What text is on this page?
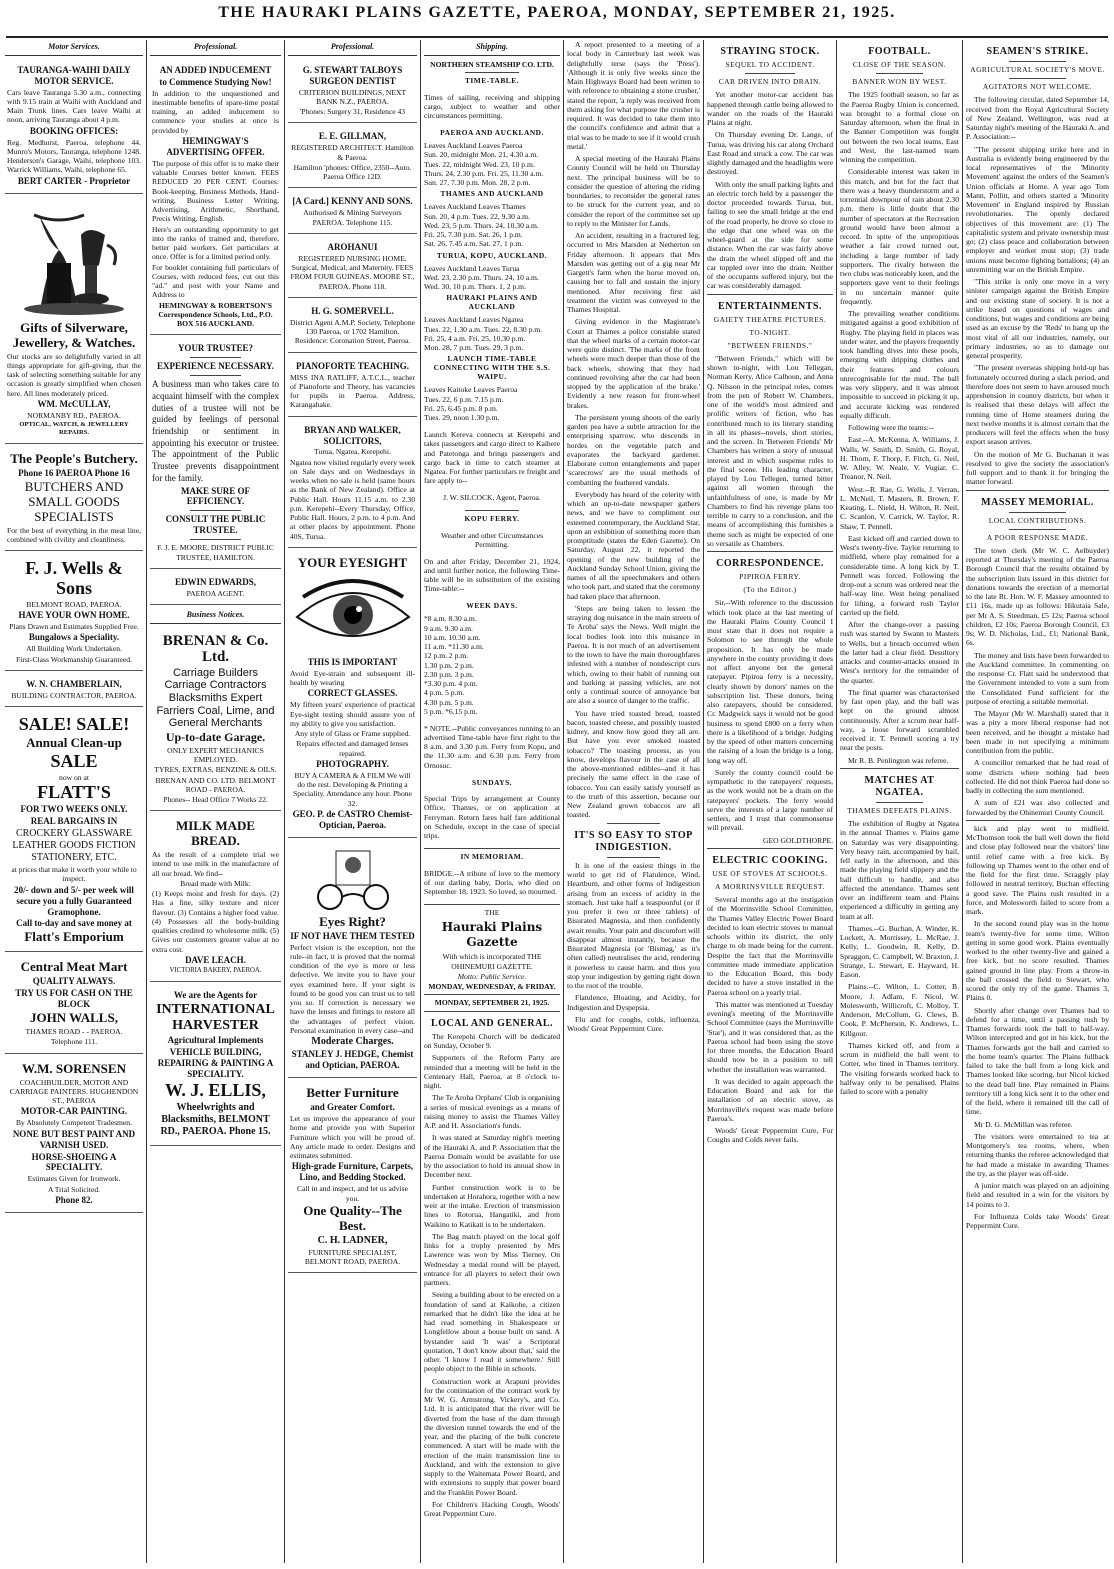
THE HAURAKI PLAINS GAZETTE, PAEROA, MONDAY, SEPTEMBER 21, 1925.
Motor Services.

TAURANGA-WAIHI DAILY MOTOR SERVICE.

Cars leave Tauranga 5.30 a.m., connecting with 9.15 train at Waihi with Auckland and Main Trunk lines. Cars leave Waihi at noon, arriving Tauranga about 4 p.m.

BOOKING OFFICES:

Reg. Medhurst, Paeroa, telephone 44. Munro's Motors, Tauranga, telephone 1248. Henderson's Garage, Waihi, telephone 103. Warrick Williams, Waihi, telephone 65.

BERT CARTER - Proprietor

Gifts of Silverware, Jewellery, & Watches.

Our stocks are so delightfully varied in all things appropriate for gift-giving, that the task of selecting something suitable for any occasion is greatly simplified when chosen here. All lines moderately priced.

WM. McCULLAY,

NORMANBY RD., PAEROA.

OPTICAL, WATCH, & JEWELLERY REPAIRS.

The People's Butchery.

Phone 16 PAEROA Phone 16

BUTCHERS AND SMALL GOODS SPECIALISTS

For the best of everything in the meat line, combined with civility and cleanliness.

F. J. Wells & Sons

BELMONT ROAD, PAEROA.

HAVE YOUR OWN HOME.

Plans Drawn and Estimates Supplied Free.

Bungalows a Speciality.

All Building Work Undertaken.

First-Class Workmanship Guaranteed.

W. N. CHAMBERLAIN,

BUILDING CONTRACTOR, PAEROA.

SALE! SALE!

Annual Clean-up

SALE

now on at

FLATT'S

FOR TWO WEEKS ONLY.

REAL BARGAINS IN

CROCKERY GLASSWARE LEATHER GOODS FICTION STATIONERY, ETC.

at prices that make it worth your while to inspect.

20/- down and 5/- per week will secure you a fully Guaranteed Gramophone.

Call to-day and save money at

Flatt's Emporium

Central Meat Mart

QUALITY ALWAYS.

TRY US FOR CASH ON THE BLOCK

JOHN WALLS,

THAMES ROAD - - PAEROA.

Telephone 111.

W.M. SORENSEN

COACHBUILDER, MOTOR AND CARRIAGE PAINTERS. HUGHENDON ST., PAEROA

MOTOR-CAR PAINTING.

By Absolutely Competent Tradesmen.

NONE BUT BEST PAINT AND VARNISH USED.

HORSE-SHOEING A SPECIALITY.

Estimates Given for Ironwork.

A Trial Solicited.

Phone 82.

Professional.

AN ADDED INDUCEMENT

to Commence Studying Now!

In addition to the unquestioned and inestimable benefits of spare-time postal training, an added inducement to commence your studies at once is provided by

HEMINGWAY'S ADVERTISING OFFER.

The purpose of this offer is to make their valuable Courses better known. FEES REDUCED 20 PER CENT. Courses: Book-keeping, Business Methods, Hand-writing, Business Letter Writing, Advertising, Arithmetic, Shorthand, Precis Writing, English.

Here's an outstanding opportunity to get into the ranks of trained and, therefore, better paid workers. Get particulars at once. Offer is for a limited period only.

For booklet containing full particulars of Courses, with reduced fees, cut out this "ad." and post with your Name and Address to

HEMINGWAY & ROBERTSON'S Correspondence Schools, Ltd., P.O. BOX 516 AUCKLAND.

YOUR TRUSTEE?

EXPERIENCE NECESSARY.

A business man who takes care to acquaint himself with the complex duties of a trustee will not be guided by feelings of personal friendship or sentiment in appointing his executor or trustee. The appointment of the Public Trustee prevents disappointment for the family.

MAKE SURE OF EFFICIENCY.

CONSULT THE PUBLIC TRUSTEE.

F. J. E. MOORE, DISTRICT PUBLIC TRUSTEE, HAMILTON.

EDWIN EDWARDS,

PAEROA AGENT.

Business Notices.

BRENAN & Co. Ltd.

Carriage Builders Carriage Contractors Blacksmiths Expert Farriers Coal, Lime, and General Merchants

Up-to-date Garage.

ONLY EXPERT MECHANICS EMPLOYED.

TYRES, EXTRAS, BENZINE & OILS.

BRENAN AND CO. LTD. BELMONT ROAD - PAEROA.

Phones-- Head Office 7 Works 22.

MILK MADE BREAD.

As the result of a complete trial we intend to use milk in the manufacture of all our bread. We find--

Bread made with Milk:

(1) Keeps moist and fresh for days. (2) Has a fine, silky texture and nicer flavour. (3) Contains a higher food value. (4) Possesses all the body-building qualities credited to wholesome milk. (5) Gives our customers greater value at no extra cost.

DAVE LEACH.

VICTORIA BAKERY, PAEROA.

We are the Agents for

INTERNATIONAL HARVESTER

Agricultural Implements

VEHICLE BUILDING, REPAIRING & PAINTING A SPECIALITY.

W. J. ELLIS,

Wheelwrights and Blacksmiths, BELMONT RD., PAEROA. Phone 15.

Professional.

G. STEWART TALBOYS SURGEON DENTIST

CRITERION BUILDINGS, NEXT BANK N.Z., PAEROA.

'Phones: Surgery 31, Residence 43

E. E. GILLMAN,

REGISTERED ARCHITECT. Hamilton & Paeroa.

Hamilton 'phones: Office, 2350--Auto. Paeroa Office 12D.

[A Card.] KENNY AND SONS.

Authorised & Mining Surveyors PAEROA. Telephone 115.

AROHANUI

REGISTERED NURSING HOME. Surgical, Medical, and Maternity. FEES FROM FOUR GUINEAS. MOORE ST., PAEROA. Phone 118.

H. G. SOMERVELL.

District Agent A.M.P. Society, Telephone 130 Paeroa, or 1702 Hamilton. Residence: Coronation Street, Paeroa.

PIANOFORTE TEACHING.

MISS INA RATLIFF, A.T.C.L., teacher of Pianoforte and Theory, has vacancies for pupils in Paeroa. Address, Karangahake.

BRYAN AND WALKER, SOLICITORS,

Turua, Ngatea, Kerepehi.

Ngatea now visited regularly every week on Sale days and on Wednesdays in weeks when no sale is held (same hours as the Bank of New Zealand). Office at Public Hall. Hours 11.15 a.m. to 2.30 p.m. Kerepehi--Every Thursday, Office, Public Hall. Hours, 2 p.m. to 4 p.m. And at other places by appointment. Phone 40S, Turua.

YOUR EYESIGHT

THIS IS IMPORTANT

Avoid Eye-strain and subsequent ill-health by wearing

CORRECT GLASSES.

My fifteen years' experience of practical Eye-sight testing should assure you of my ability to give you satisfaction.

Any style of Glass or Frame supplied.

Repairs effected and damaged lenses repaired.

PHOTOGRAPHY.

BUY A CAMERA & A FILM We will do the rest. Developing & Printing a Speciality. Attendance any hour. Phone 32.

GEO. P. de CASTRO Chemist-Optician, Paeroa.

Eyes Right?

IF NOT HAVE THEM TESTED

Perfect vision is the exception, not the rule--in fact, it is proved that the normal condition of the eye is more or less defective. We invite you to have your eyes examined here. If your sight is found to be good you can trust us to tell you so. If correction is necessary we have the lenses and fittings to restore all the advantages of perfect vision. Personal examination in every case--and

Moderate Charges.

STANLEY J. HEDGE, Chemist and Optician, PAEROA.

Better Furniture

and Greater Comfort.

Let us improve the appearance of your home and provide you with Superior Furniture which you will be proud of. Any article made to order. Designs and estimates submitted.

High-grade Furniture, Carpets, Lino, and Bedding Stocked.

Call in and inspect, and let us advise you.

One Quality--The Best.

C. H. LADNER,

FURNITURE SPECIALIST, BELMONT ROAD, PAEROA.

Shipping.

NORTHERN STEAMSHIP CO. LTD.

TIME-TABLE.

Times of sailing, receiving and shipping cargo, subject to weather and other circumstances permitting.

PAEROA AND AUCKLAND.

Leaves Auckland Leaves Paeroa
Sun. 20, midnight Mon. 21, 4.30 a.m.
Tues. 22, midnight Wed. 23, 10 p.m.
Thurs. 24, 2.30 p.m. Fri. 25, 11.30 a.m.
Sun. 27, 7.30 p.m. Mon. 28, 2 p.m.

THAMES AND AUCKLAND

Leaves Auckland Leaves Thames
Sun. 20, 4 p.m. Tues. 22, 9.30 a.m.
Wed. 23, 5 p.m. Thurs. 24, 10.30 a.m.
Fri. 25, 7.30 p.m. Sat. 26, 1 p.m.
Sat. 26, 7.45 a.m. Sat. 27, 1 p.m.

TURUA, KOPU, AUCKLAND.

Leaves Auckland Leaves Turua
Wed. 23, 2.30 p.m. Thurs. 24, 10 a.m.
Wed. 30, 10 p.m. Thurs. 1, 2 p.m.

HAURAKI PLAINS AND AUCKLAND

Leaves Auckland Leaves Ngatea
Tues. 22, 1.30 a.m. Tues. 22, 8.30 p.m.
Fri. 25, 4 a.m. Fri. 25, 10.30 p.m.
Mon. 28, 7 p.m. Tues. 29, 3 p.m.

LAUNCH TIME-TABLE CONNECTING WITH THE S.S. WAIPU.

Leaves Kaitoke Leaves Paeroa
Tues. 22, 6 p.m. 7.15 p.m.
Fri. 25, 6.45 p.m. 8 p.m.
Tues. 29, noon 1.30 p.m.

Launch Kereva connects at Kerepehi and takes passengers and cargo direct to Kaihere and Patetonga and brings passengers and cargo back in time to catch steamer at Ngatea. For further particulars re freight and fare apply to--

J. W. SILCOCK, Agent, Paeroa.

KOPU FERRY.

Weather and other Circumstances Permitting.

On and after Friday, December 21, 1924, and until further notice, the following Time-table will be in substitution of the existing Time-table:--

WEEK DAYS.

*8 a.m. 8.30 a.m.
9 a.m. 9.30 a.m.
10 a.m. 10.30 a.m.
11 a.m. *11.30 a.m.
12 p.m. 2 p.m.
1.30 p.m. 2 p.m.
2.30 p.m. 3 p.m.
*3.30 p.m. 4 p.m.
4 p.m. 5 p.m.
4.30 p.m. 5 p.m.
5 p.m. *6.15 p.m.

* NOTE.--Public conveyances running to an advertised Time-table have first right to the 8 a.m. and 3.30 p.m. Ferry from Kopu, and the 11.30 a.m. and 6.30 p.m. Ferry from Ornosuc.

SUNDAYS.

Special Trips by arrangement at County Office, Thames, or on application at Ferryman. Return fares half fare additional on Schedule, except in the case of special trips.

IN MEMORIAM.

BRIDGE.--A tribute of love to the memory of our darling baby, Doris, who died on September 18, 1923. So loved, so mourned.

THE

Hauraki Plains Gazette

With which is incorporated THE OHINEMURI GAZETTE.

Motto: Public Service.

MONDAY, WEDNESDAY, & FRIDAY.

MONDAY, SEPTEMBER 21, 1925.

LOCAL AND GENERAL.

The Kerepehi Church will be dedicated on Sunday, October 9.

Supporters of the Reform Party are reminded that a meeting will be held in the Centenary Hall, Paeroa, at 8 o'clock to-night.

The Te Aroha Orphans' Club is organising a series of musical evenings as a means of raising money to assist the Thames Valley A.P. and H. Association's funds.

It was stated at Saturday night's meeting of the Hauraki A. and P. Association that the Paeroa Domain would be available for use by the association to hold its annual show in December next.

Further construction work is to be undertaken at Horahora, together with a new weir at the intake. Erection of transmission lines to Rotorua, Hangatiki, and from Waikino to Katikati is to be undertaken.

The Bag match played on the local golf links for a trophy presented by Mrs Lawrence was won by Miss Tierney. On Wednesday a medal round will be played, entrance for all players to select their own partners.

Seeing a building about to be erected on a foundation of sand at Kaikohe, a citizen remarked that he didn't like the idea at he had read something in Shakespeare or Longfellow about a house built on sand. A bystander said 'It was' a Scriptural quotation, 'I don't know about that,' said the other. 'I know I read it somewhere.' Still people object to the Bible in schools.

Construction work at Arapuni provides for the continuation of the contract work by Mr W. G. Armstrong. Vickery's, and Co. Ltd. It is anticipated that the river will be diverted from the base of the dam through the diversion tunnel towards the end of the year, and the placing of the bulk concrete commenced. A start will be made with the erection of the main transmission line to Auckland, and with the extension to give supply to the Waitemata Power Board, and with extensions to supply that power board and the Franklin Power Board.

For Children's Hacking Cough, Woods' Great Peppermint Cure.

A report presented to a meeting of a local body in Canterbury last week was delightfully terse (says the 'Press'). 'Although it is only five weeks since the Main Highways Board had been written to with reference to obtaining a stone crusher,' stated the report, 'a reply was received from them asking for what purpose the crusher is required. It was decided to take them into the council's confidence and admit that a trial was to be made to see if it would crush metal.'

A special meeting of the Hauraki Plains County Council will be held on Thursday next. The principal business will be to consider the question of altering the riding boundaries, to reconsider the general rates to be struck for the current year, and to consider the report of the committee set up to reply to the Minister for Lands.

An accident, resulting in a fractured leg, occurred to Mrs Marsden at Netherton on Friday afternoon. It appears that Mrs Marsden was getting out of a gig near Mr Gargett's farm when the horse moved on, causing her to fall and sustain the injury mentioned. After receiving first aid treatment the victim was conveyed to the Thames Hospital.

Giving evidence in the Magistrate's Court at Thames a police constable stated that the wheel marks of a certain motor-car were quite distinct. 'The marks of the front wheels were much deeper than those of the back wheels, showing that they had continued revolving after the car had been stopped by the application of the brake.' Evidently a new reason for front-wheel brakes.

The persistent young shoots of the early garden pea have a subtle attraction for the enterprising sparrow, who descends in hordes on the vegetable patch and evaporates the backyard gardener. Elaborate cotton entanglements and paper 'scarecrows' are the usual methods of combatting the feathered vandals.

Everybody has heard of the celerity with which an up-to-date newspaper gathers news, and we have to compliment our esteemed contemporary, the Auckland Star, upon an exhibition of something more than promptitude (states the Eden Gazette). On Saturday, August 22, it reported the opening of the new building of the Auckland Sunday School Union, giving the names of all the speechmakers and others who took part, and stated that the ceremony had taken place that afternoon.

'Steps are being taken to lessen the straying dog nuisance in the main streets of Te Aroha' says the News. Well might the local bodies look into this nuisance in Paeroa. It is not much of an advertisement to the town to have the main thoroughfares infested with a number of nondescript curs which, owing to their habit of running out and barking at passing vehicles, are not only a continual source of annoyance but are also a source of danger to the traffic.

You have tried toasted bread, toasted bacon, toasted cheese, and possibly toasted kidney, and know how good they all are. But have you ever smoked toasted tobacco? The toasting process, as you know, develops flavour in the case of all the above-mentioned edibles--and it has precisely the same effect in the case of tobacco. You can easily satisfy yourself as to the truth of this assertion, because our New Zealand grown tobaccos are all toasted.

IT'S SO EASY TO STOP INDIGESTION.

It is one of the easiest things in the world to get rid of Flatulence, Wind, Heartburn, and other forms of Indigestion arising from an excess of acidity in the stomach. Just take half a teaspoonful (or if you prefer it two or three tablets) of Bisurated Magnesia, and then confidently await results. Your pain and discomfort will disappear almost instantly, because the Bisurated Magnesia (or 'Bismag,' as it's often called) neutralises the acid, rendering it powerless to cause harm, and thus you stop your indigestion by getting right down to the root of the trouble.

Flatulence, Bloating, and Acidity, for Indigestion and Dyspepsia.

Flu and for coughs, colds, influenza, Woods' Great Peppermint Cure.

STRAYING STOCK.

SEQUEL TO ACCIDENT.

CAR DRIVEN INTO DRAIN.

Yet another motor-car accident has happened through cattle being allowed to wander on the roads of the Hauraki Plains at night.

On Thursday evening Dr. Lange, of Turua, was driving his car along Orchard East Road and struck a cow. The car was slightly damaged and the headlights were destroyed.

With only the small parking lights and an electric torch held by a passenger the doctor proceeded towards Turua, but, failing to see the small bridge at the end of the road properly, he drove so close to the edge that one wheel was on the wheel-guard at the side for some distance. When the car was fairly above the drain the wheel slipped off and the car toppled over into the drain. Neither of the occupants suffered injury, but the car was considerably damaged.

ENTERTAINMENTS.

GAIETY THEATRE PICTURES.

TO-NIGHT.

"BETWEEN FRIENDS."

"Between Friends," which will be shown to-night, with Lou Tellegan, Norman Kerry, Alice Calhoun, and Anna Q. Nilsson in the principal roles, comes from the pen of Robert W. Chambers, one of the world's most admired and prolific writers of fiction, who has contributed much to its literary standing in all its phases--novels, short stories, and the screen. In 'Between Friends' Mr Chambers has written a story of unusual interest and in which suspense rules to the final scene. His leading character, played by Lou Tellegen, turned bitter against all women through the unfaithfulness of one, is made by Mr Chambers to find his revenge plans too terrible to carry to a conclusion, and the means of accomplishing this furnishes a theme such as might be expected of one so versatile as Chambers.

CORRESPONDENCE.

PIPIROA FERRY.

(To the Editor.)

Sir,--With reference to the discussion which took place at the last meeting of the Hauraki Plains County Council I must state that it does not require a Solomon to see through the whole proposition. It has only be made anywhere in the county providing it does not affect anyone but the general ratepayer. Pipiroa ferry is a necessity, clearly shown by donors' names on the subscription list. These donors, being also ratepayers, should be considered. Cr. Madgwick says it would not be good business to spend £800 on a ferry when there is a likelihood of a bridge. Judging by the speed of other matters concerning the raising of a loan the bridge is a long, long way off.

Surely the county council could be sympathetic to the ratepayers' requests, as the work would not be a drain on the ratepayers' pockets. The ferry would serve the interests of a large number of settlers, and I trust that commonsense will prevail.

GEO GOLDTHORPE.

ELECTRIC COOKING.

USE OF STOVES AT SCHOOLS.

A MORRINSVILLE REQUEST.

Several months ago at the instigation of the Morrinsville School Committee, the Thames Valley Electric Power Board decided to loan electric stoves to manual schools within its district, the only charge to ob made being for the current. Despite the fact that the Morrinsville committee made immediate application to the Education Board, this body decided to have a stove installed in the Paeroa school on a yearly trial.

This matter was mentioned at Tuesday evening's meeting of the Morrinsville School Committee (says the Morrinsville 'Star'), and it was considered that, as the Paeroa school had been using the stove for three months, the Education Board should now be in a position to tell whether the installation was warranted.

It was decided to again approach the Education Board and ask for the installation of an electric stove, as Morrinsville's request was made before Paeroa's.

Woods' Great Peppermint Cure, For Coughs and Colds never fails.

FOOTBALL.

CLOSE OF THE SEASON.

BANNER WON BY WEST.

The 1925 football season, so far as the Paeroa Rugby Union is concerned, was brought to a formal close on Saturday afternoon, when the final in the Banner Competition was fought out between the two local teams, East and West, the last-named team winning the competition.

Considerable interest was taken in this match, and but for the fact that there was a heavy thunderstorm and a torrential downpour of rain about 2.30 p.m. there is little doubt that the number of spectators at the Recreation ground would have been almost a record. In spite of the unpropitious weather a fair crowd turned out, including a large number of lady supporters. The rivalry between the two clubs was noticeably keen, and the supporters gave vent to their feelings in no uncertain manner quite frequently.

The prevailing weather conditions mitigated against a good exhibition of Rugby. The playing field in places was under water, and the players frequently took handling dives into these pools, emerging with dripping clothes and their features and colours unrecognisable for the mud. The ball was very slippery, and it was almost impossible to succeed in picking it up, and accurate kicking was rendered equally difficult.

Following were the teams:--

East.--A. McKenna, A. Williams, J. Walls, W. Smith, D. Smith, G. Royal, H. Thorn, F. Thorp, F. Fitch, G. Neil, W. Alley, W. Neale, V. Vugiar, C. Treanor, N. Neil.

West.--R. Rae, G. Wells, J. Verran, L. McNeil, T. Masters, R. Brown, F. Keating, L. Nield, H. Wilton, R. Neil, C. Scanlon, V. Carrick, W. Taylor, R. Shaw, T. Pennell.

East kicked off and carried down to West's twenty-five. Taylor returning to midfield, where play remained for a considerable time. A long kick by T. Pennell was forced. Following the drop-out a scrum was ordered near the half-way line. West being penalised for lifting, a forward rush Taylor carried up the field.

After the change-over a passing rush was started by Swann to Masters to Wells, but a breach occurred when the latter had a clear field. Desultory attacks and counter-attacks ensued in West's territory for the remainder of the quarter.

The final quarter was characterised by fast open play, and the ball was kept on the ground almost continuously. After a scrum near half-way, a loose forward scrambled received it. T. Pennell scoring a try near the posts.

Mr R. B. Penlington was referee.

MATCHES AT NGATEA.

THAMES DEFEATS PLAINS.

The exhibition of Rugby at Ngatea in the annual Thames v. Plains game on Saturday was very disappointing. Very heavy rain, accompanied by hail, fell early in the afternoon, and this made the playing field slippery and the ball difficult to handle, and also affected the attendance. Thames sent over an indifferent team and Plains experienced a difficulty in getting any team at all.

Thames.--G. Buchan, A. Winder, K. Lockett, A. Morrissey, L. McRae, J. Kelly, L. Goodwin, R. Kelly, D. Spraggon, C. Campbell, W. Braxton, J. Strange, L. Stewart, E. Hayward, H. Eason.

Plains.--C. Wilton, L. Cotter, B. Moore, J. Adlam, F. Nicol, W. Molesworth, Willicroft, C. Molloy, T. Anderson, McCollum, G. Clews, B. Cook, P. McPherson, K. Andrews, L. Killgour.

Thames kicked off, and from a scrum in midfield the ball went to Cotter, who lined in Thames territory. The visiting forwards worked back to halfway only to be penalised. Plains failed to score with a penalty

SEAMEN'S STRIKE.

AGRICULTURAL SOCIETY'S MOVE.

AGITATORS NOT WELCOME.

The following circular, dated September 14, received from the Royal Agricultural Society of New Zealand, Wellington, was read at Saturday night's meeting of the Hauraki A. and P. Association:--

"The present shipping strike here and in Australia is evidently being engineered by the local representatives of the 'Minority Movement' against the orders of the Seamen's Union officials at Home. A year ago Tom Mann, Pollitt, and others started a 'Minority Movement' in England inspired by Russian revolutionaries. The openly declared objectives of this movement are: (1) The capitalistic system and private ownership must go; (2) class peace and collaboration between employer and worker must stop; (3) trade unions must become fighting battalions; (4) an unremitting war on the British Empire.

"This strike is only one move in a very sinister campaign against the British Empire and our existing state of society. It is not a strike based on questions of wages and conditions, but wages and conditions are being used as an excuse by the 'Reds' to hang up the most vital of all our industries, namely, our primary industries, so as to damage our general prosperity.

"The present overseas shipping hold-up has fortunately occurred during a slack period, and therefore does not seem to have aroused much apprehension in country districts, but when it is realised that these delays will affect the running time of Home steamers during the next twelve months it is almost certain that the producers will feel the effects when the busy export season arrives.

On the motion of Mr G. Buchanan it was resolved to give the society the association's full support and to thank it for bringing the matter forward.

MASSEY MEMORIAL.

LOCAL CONTRIBUTIONS.

A POOR RESPONSE MADE.

The town clerk (Mr W. C. Aelbuyder) reported at Thursday's meeting of the Paeroa Borough Council that the results obtained by the subscription lists issued in this district for donations towards the erection of a memorial to the late Rt. Hon. W. F. Massey amounted to £11 16s, made up as follows: Hikutaia Sale, per Mr A. S. Steedman, £5 12s; Paeroa school children, £2 10s; Paeroa Borough Council, £3 9s; W. D. Nicholas, Ltd., £1; National Bank, 6s.

The money and lists have been forwarded to the Auckland committee. In commenting on the response Cr. Flatt said he understood that the Government intended to vote a sum from the Consolidated Fund sufficient for the purpose of erecting a suitable memorial.

The Mayor (Mr W. Marshall) stated that it was a pity a more liberal response had not been received, and he thought a mistake had been made in not specifying a minimum contribution from the public.

A councillor remarked that he had read of some districts where nothing had been collected. He did not think Paeroa had done so badly in collecting the sum mentioned.

A sum of £21 was also collected and forwarded by the Ohinemuri County Council.

kick and play went to midfield. McThomson took the ball well down the field and close play followed near the visitors' line until relief came with a free kick. By following up Thames went to the other end of the field for the first time. Scraggly play followed in neutral territory, Buchan effecting a good save. The Plains rush resulted in a force, and Molesworth failed to score from a mark.

In the second round play was in the home team's twenty-five for some time, Wilton getting in some good work. Plains eventually worked to the other twenty-five and gained a free kick, but no score resulted. Thames gained ground in line play. From a throw-in the ball crossed the field to Stewart, who scored the only try of the game. Thames 3, Plains 0.

Shortly after change over Thames had to defend for a time, until a passing rush by Thames forwards took the ball to half-way. Wilton intercepted and got in his kick, but the Thames forwards got the ball and carried to the home team's quarter. The Plains fullback failed to take the ball from a long kick and Thames looked like scoring, but Nicol kicked to the dead ball line. Play remained in Plains territory till a long kick sent it to the other end of the field, where it remained till the call of time.

Mr D. G. McMillan was referee.

The visitors were entertained to tea at Montgomery's tea rooms, where, when returning thanks the referee acknowledged that he had made a mistake in awarding Thames the try, as the player was off-side.

A junior match was played on an adjoining field and resulted in a win for the visitors by 14 points to 3.

For Influenza Colds take Woods' Great Peppermint Cure.
